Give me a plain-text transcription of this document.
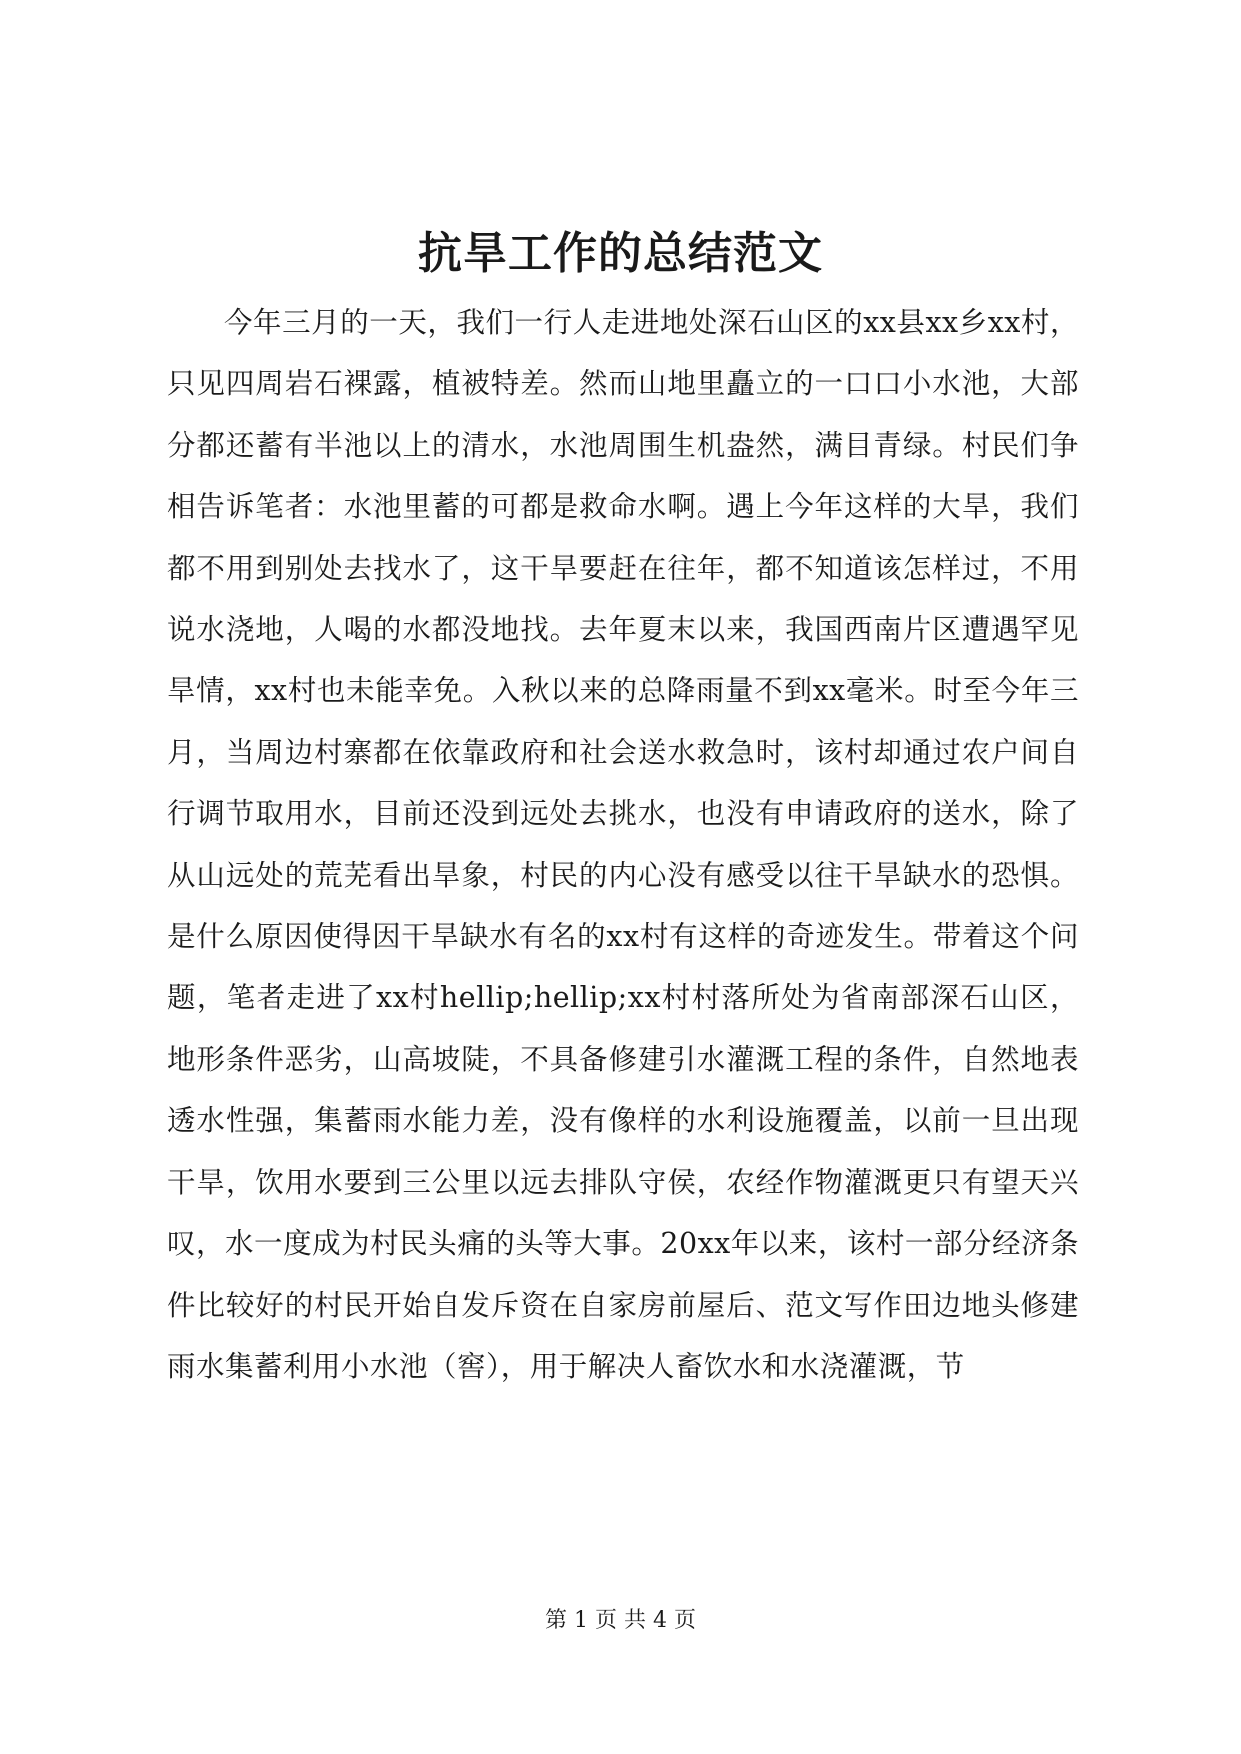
抗旱工作的总结范文

今年三月的一天，我们一行人走进地处深石山区的xx县xx乡xx村，只见四周岩石裸露，植被特差。然而山地里矗立的一口口小水池，大部分都还蓄有半池以上的清水，水池周围生机盎然，满目青绿。村民们争相告诉笔者：水池里蓄的可都是救命水啊。遇上今年这样的大旱，我们都不用到别处去找水了，这干旱要赶在往年，都不知道该怎样过，不用说水浇地，人喝的水都没地找。去年夏末以来，我国西南片区遭遇罕见旱情，xx村也未能幸免。入秋以来的总降雨量不到xx毫米。时至今年三月，当周边村寨都在依靠政府和社会送水救急时，该村却通过农户间自行调节取用水，目前还没到远处去挑水，也没有申请政府的送水，除了从山远处的荒芜看出旱象，村民的内心没有感受以往干旱缺水的恐惧。是什么原因使得因干旱缺水有名的xx村有这样的奇迹发生。带着这个问题，笔者走进了xx村hellip;hellip;xx村村落所处为省南部深石山区，地形条件恶劣，山高坡陡，不具备修建引水灌溉工程的条件，自然地表透水性强，集蓄雨水能力差，没有像样的水利设施覆盖，以前一旦出现干旱，饮用水要到三公里以远去排队守侯，农经作物灌溉更只有望天兴叹，水一度成为村民头痛的头等大事。20xx年以来，该村一部分经济条件比较好的村民开始自发斥资在自家房前屋后、范文写作田边地头修建雨水集蓄利用小水池（窖），用于解决人畜饮水和水浇灌溉，节

第 1 页 共 4 页
